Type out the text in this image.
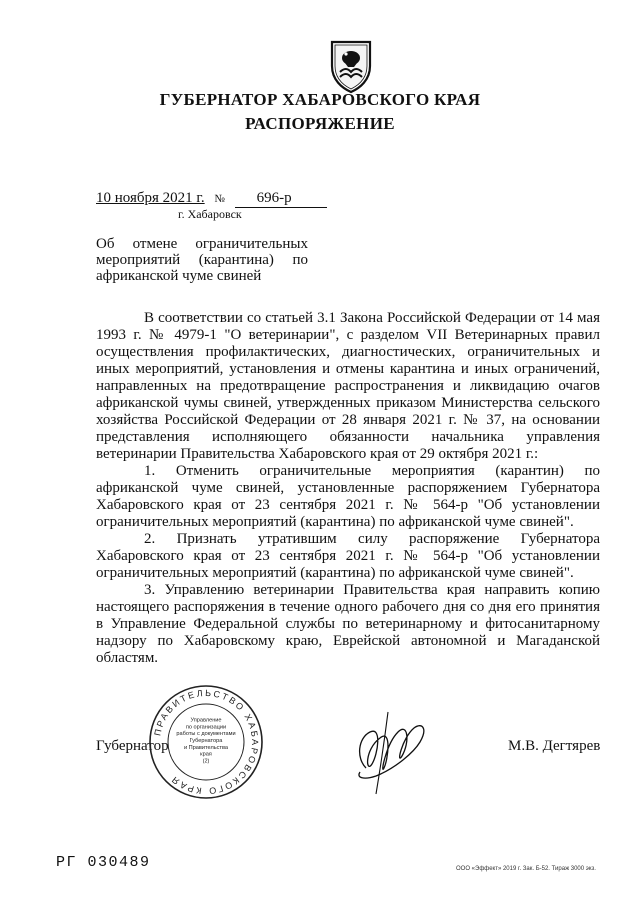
ГУБЕРНАТОР ХАБАРОВСКОГО КРАЯ
РАСПОРЯЖЕНИЕ
10 ноября 2021 г. № 696-р
г. Хабаровск
Об отмене ограничительных
мероприятий (карантина) по
африканской чуме свиней

В соответствии со статьей 3.1 Закона Российской Федерации от 14 мая 1993 г. № 4979-1 "О ветеринарии", с разделом VII Ветеринарных правил осуществления профилактических, диагностических, ограничительных и иных мероприятий, установления и отмены карантина и иных ограничений, направленных на предотвращение распространения и ликвидацию очагов африканской чумы свиней, утвержденных приказом Министерства сельского хозяйства Российской Федерации от 28 января 2021 г. № 37, на основании представления исполняющего обязанности начальника управления ветеринарии Правительства Хабаровского края от 29 октября 2021 г.:

1. Отменить ограничительные мероприятия (карантин) по африканской чуме свиней, установленные распоряжением Губернатора Хабаровского края от 23 сентября 2021 г. № 564-р "Об установлении ограничительных мероприятий (карантина) по африканской чуме свиней".

2. Признать утратившим силу распоряжение Губернатора Хабаровского края от 23 сентября 2021 г. № 564-р "Об установлении ограничительных мероприятий (карантина) по африканской чуме свиней".

3. Управлению ветеринарии Правительства края направить копию настоящего распоряжения в течение одного рабочего дня со дня его принятия в Управление Федеральной службы по ветеринарному и фитосанитарному надзору по Хабаровскому краю, Еврейской автономной и Магаданской областям.

Губернатор	М.В. Дегтярев
ПРАВИТЕЛЬСТВО ХАБАРОВСКОГО КРАЯ
Управление
по организации
работы с документами
Губернатора
и Правительства
края
(2)
РГ 030489	ООО «Эффект» 2019 г. Зак. Б-52. Тираж 3000 экз.
